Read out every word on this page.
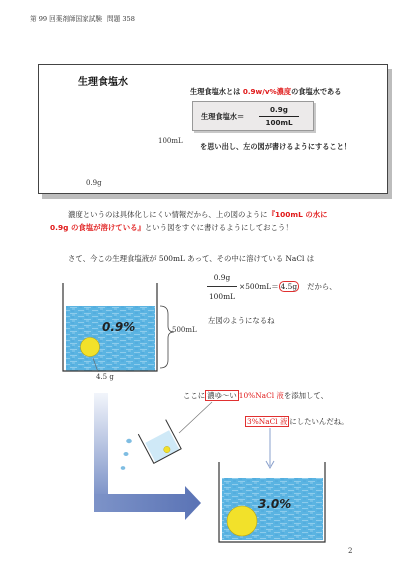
第 99 回薬剤師国家試験 問題 358
生理食塩水
生理食塩水とは 0.9w/v%濃度の食塩水である
生理食塩水＝
0.9g
100mL
を思い出し、左の図が書けるようにすること！
100mL
0.9g
濃度というのは具体化しにくい情報だから、上の図のように『100mL の水に
0.9g の食塩が溶けている』という図をすぐに書けるようにしておこう！
さて、今この生理食塩液が 500mL あって、その中に溶けている NaCl は
0.9g
100mL
×500mL＝ 4.5g だから、
左図のようになるね
0.9%	500mL
4.5 g
ここに 濃ゆ～い 10%NaCl 液を添加して、
3%NaCl 液 にしたいんだね。
3.0%
2
